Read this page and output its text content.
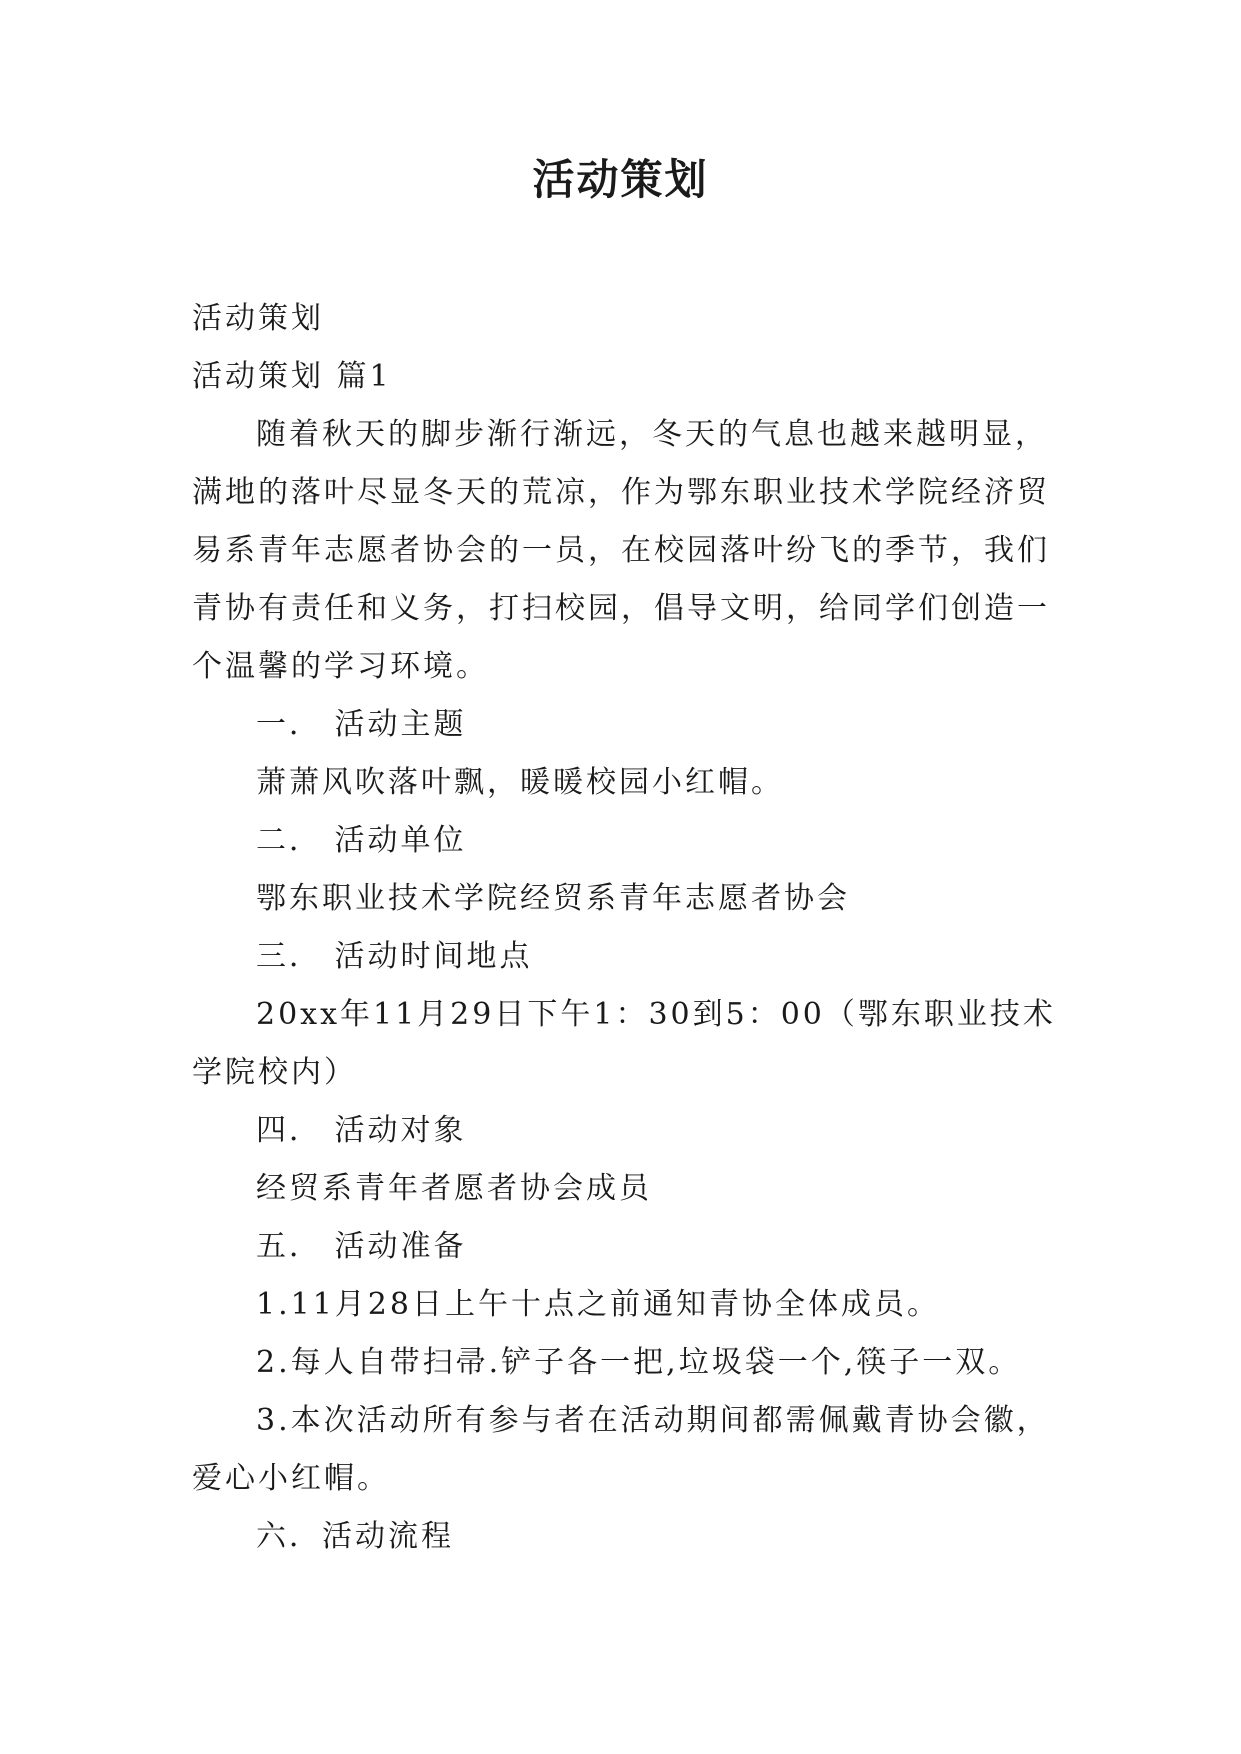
活动策划

活动策划

活动策划 篇1

随着秋天的脚步渐行渐远，冬天的气息也越来越明显，满地的落叶尽显冬天的荒凉，作为鄂东职业技术学院经济贸易系青年志愿者协会的一员，在校园落叶纷飞的季节，我们青协有责任和义务，打扫校园，倡导文明，给同学们创造一个温馨的学习环境。

一． 活动主题

萧萧风吹落叶飘，暖暖校园小红帽。

二． 活动单位

鄂东职业技术学院经贸系青年志愿者协会

三． 活动时间地点

20xx年11月29日下午1：30到5：00（鄂东职业技术学院校内）

四． 活动对象

经贸系青年者愿者协会成员

五． 活动准备

1.11月28日上午十点之前通知青协全体成员。

2.每人自带扫帚.铲子各一把,垃圾袋一个,筷子一双。

3.本次活动所有参与者在活动期间都需佩戴青协会徽，爱心小红帽。

六．活动流程
